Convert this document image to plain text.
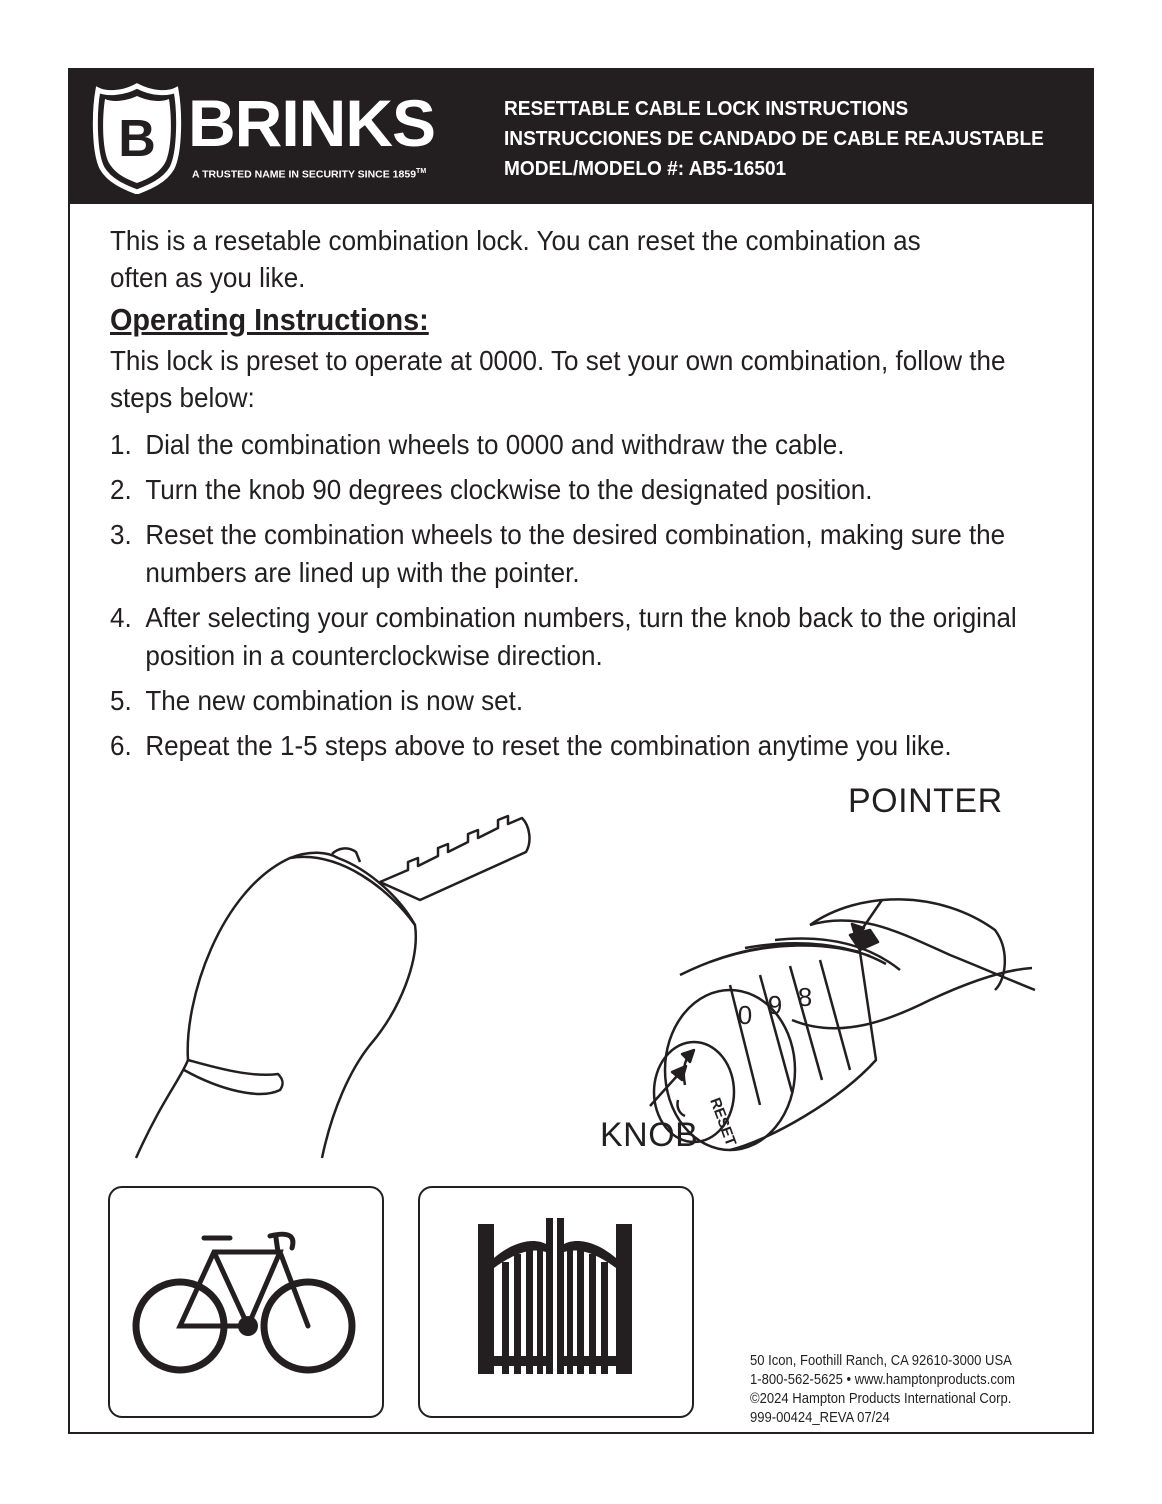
B BRINKS
A TRUSTED NAME IN SECURITY SINCE 1859™
RESETTABLE CABLE LOCK INSTRUCTIONS
INSTRUCCIONES DE CANDADO DE CABLE REAJUSTABLE
MODEL/MODELO #: AB5-16501
This is a resetable combination lock. You can reset the combination as often as you like.
Operating Instructions:
This lock is preset to operate at 0000. To set your own combination, follow the steps below:
1. Dial the combination wheels to 0000 and withdraw the cable.
2. Turn the knob 90 degrees clockwise to the designated position.
3. Reset the combination wheels to the desired combination, making sure the numbers are lined up with the pointer.
4. After selecting your combination numbers, turn the knob back to the original position in a counterclockwise direction.
5. The new combination is now set.
6. Repeat the 1-5 steps above to reset the combination anytime you like.
RESET
0 9 8
POINTER
KNOB
50 Icon, Foothill Ranch, CA 92610-3000 USA
1-800-562-5625 • www.hamptonproducts.com
©2024 Hampton Products International Corp.
999-00424_REVA 07/24
